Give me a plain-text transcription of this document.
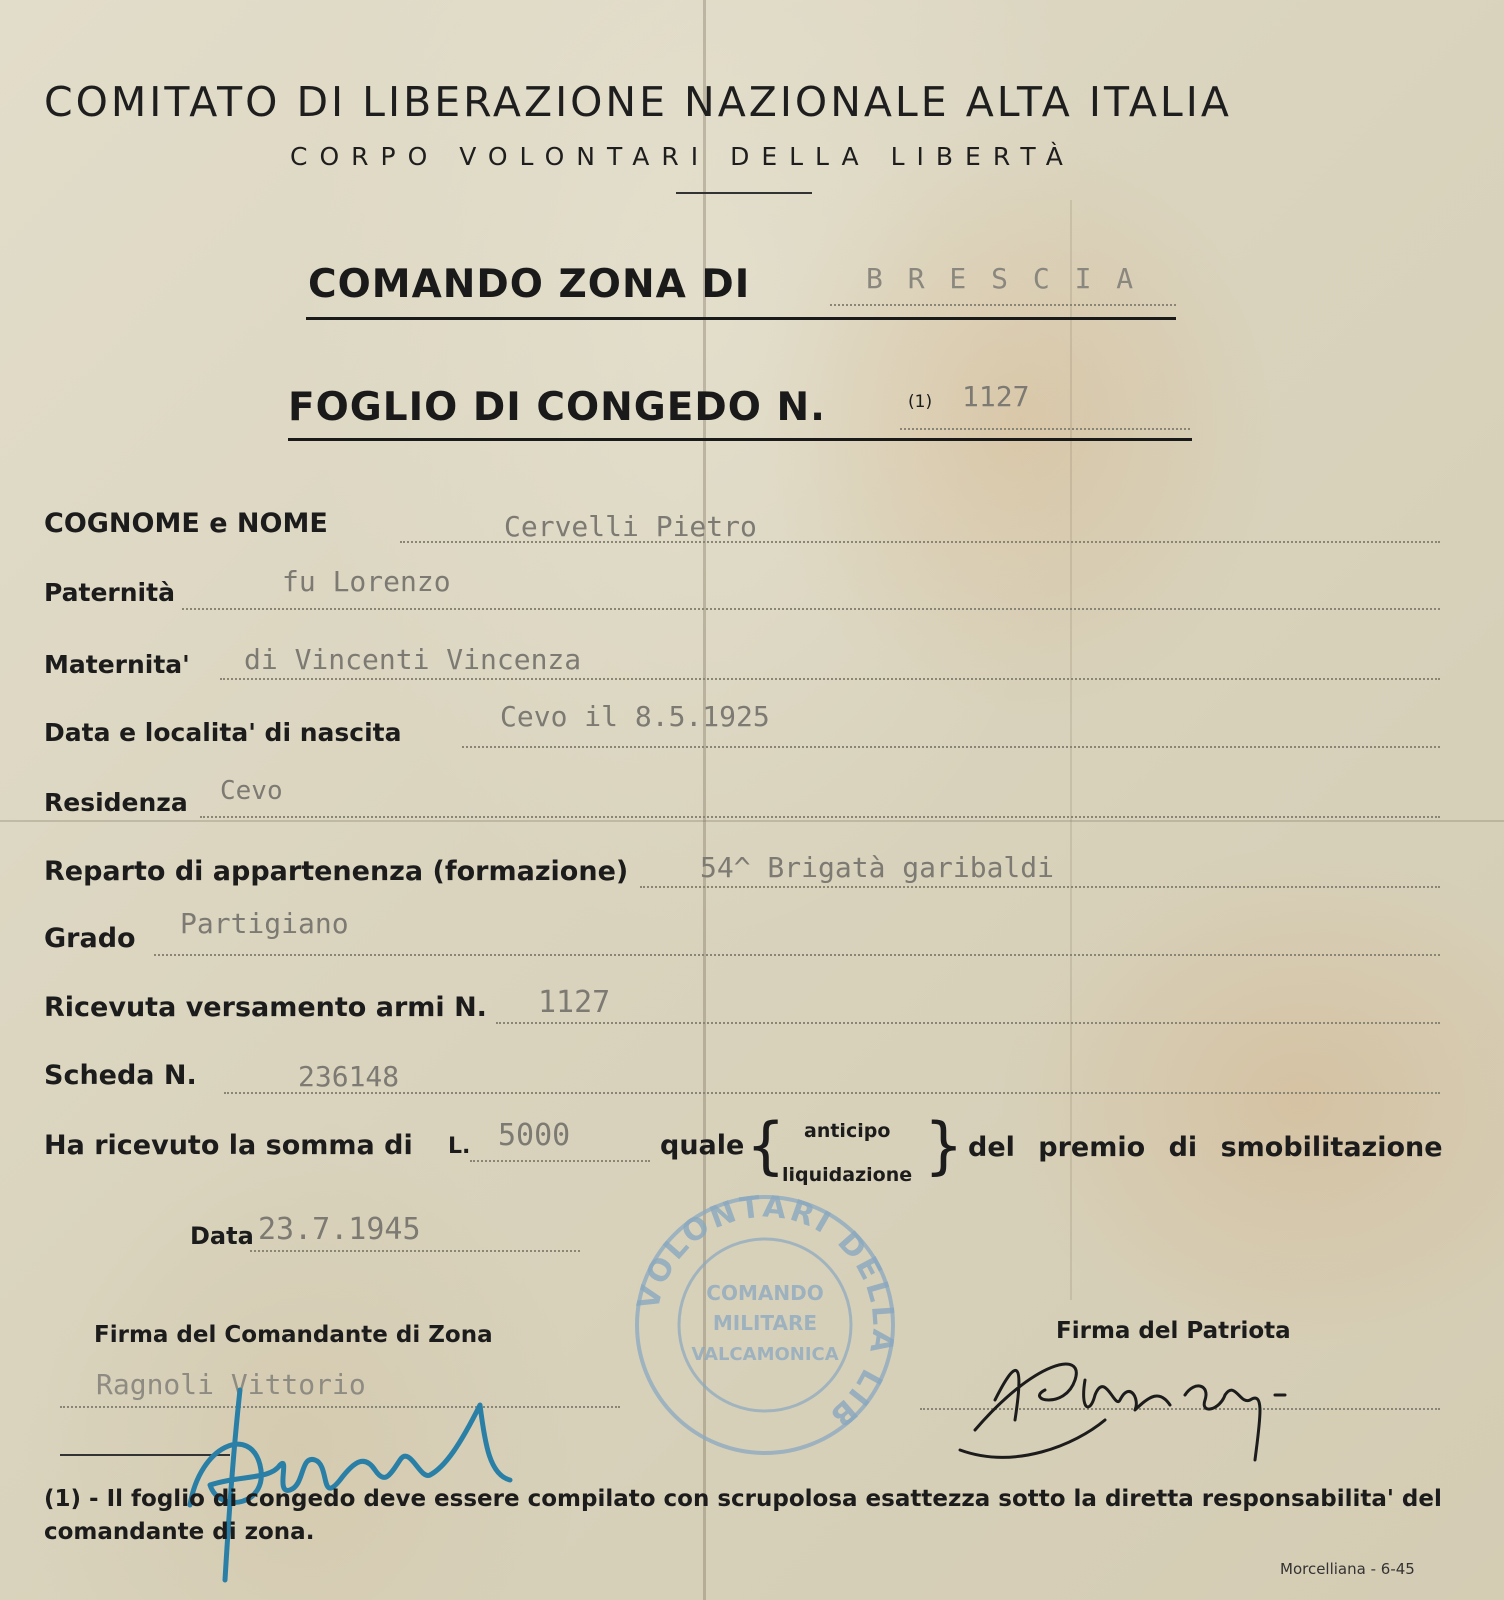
COMITATO DI LIBERAZIONE NAZIONALE ALTA ITALIA
CORPO VOLONTARI DELLA LIBERTÀ
COMANDO ZONA DI	B R E S C I A
FOGLIO DI CONGEDO N.	(1) 1127
COGNOME e NOME	Cervelli Pietro
Paternità	fu Lorenzo
Maternita' di Vincenti Vincenza
Data e localita' di nascita	Cevo il 8.5.1925
Residenza Cevo
Reparto di appartenenza (formazione)	54^ Brigatà garibaldi
Grado Partigiano
Ricevuta versamento armi N. 1127
Scheda N.	236148
Ha ricevuto la somma di L. 5000	quale { anticipo
liquidazione } del premio di smobilitazione
Data 23.7.1945
VOLONTARI DELLA LIB
COMANDO
MILITARE
VALCAMONICA
Firma del Comandante di Zona
Ragnoli Vittorio
Firma del Patriota
(1) - Il foglio di congedo deve essere compilato con scrupolosa esattezza sotto la diretta responsabilita' del comandante di zona.
Morcelliana - 6-45
